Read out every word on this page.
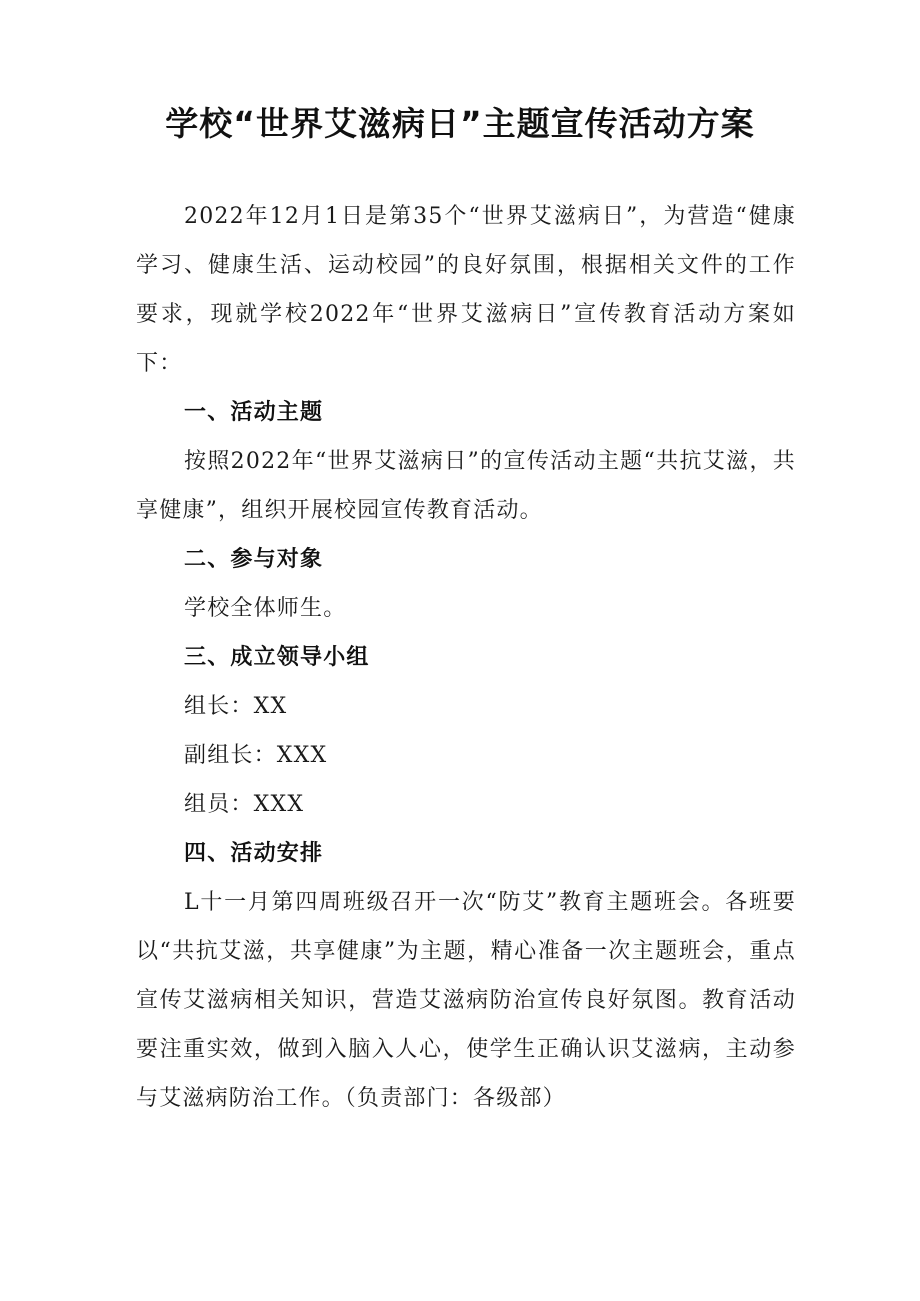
学校“世界艾滋病日”主题宣传活动方案

2022年12月1日是第35个“世界艾滋病日”，为营造“健康学习、健康生活、运动校园”的良好氛围，根据相关文件的工作要求，现就学校2022年“世界艾滋病日”宣传教育活动方案如下：

一、活动主题

按照2022年“世界艾滋病日”的宣传活动主题“共抗艾滋，共享健康”，组织开展校园宣传教育活动。

二、参与对象

学校全体师生。

三、成立领导小组

组长：XX

副组长：XXX

组员：XXX

四、活动安排

L十一月第四周班级召开一次“防艾”教育主题班会。各班要以“共抗艾滋，共享健康”为主题，精心准备一次主题班会，重点宣传艾滋病相关知识，营造艾滋病防治宣传良好氛图。教育活动要注重实效，做到入脑入人心，使学生正确认识艾滋病，主动参与艾滋病防治工作。（负责部门：各级部）
